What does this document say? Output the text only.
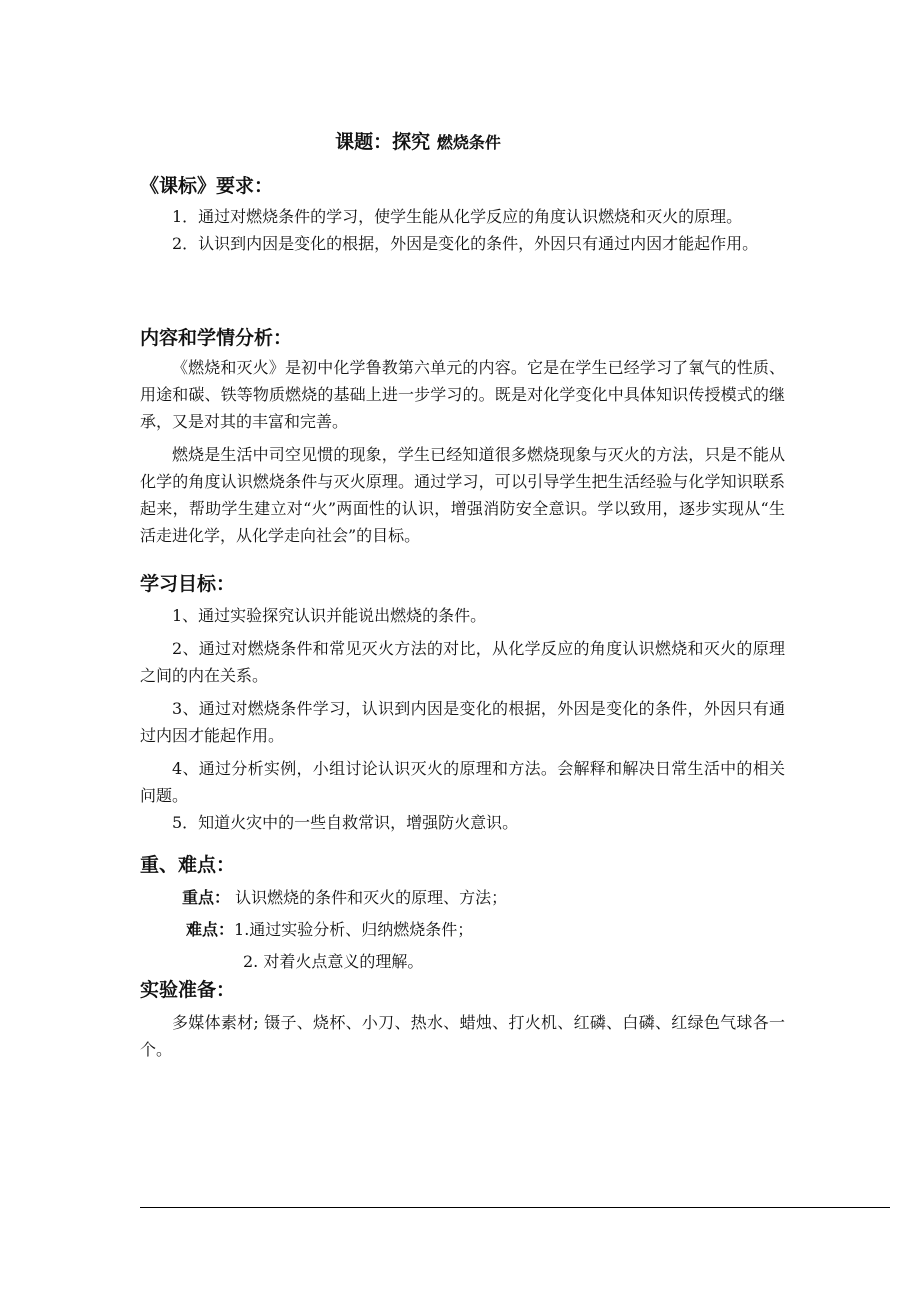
课题：探究 燃烧条件
《课标》要求：

1．通过对燃烧条件的学习，使学生能从化学反应的角度认识燃烧和灭火的原理。

2．认识到内因是变化的根据，外因是变化的条件，外因只有通过内因才能起作用。

内容和学情分析：

《燃烧和灭火》是初中化学鲁教第六单元的内容。它是在学生已经学习了氧气的性质、用途和碳、铁等物质燃烧的基础上进一步学习的。既是对化学变化中具体知识传授模式的继承，又是对其的丰富和完善。

燃烧是生活中司空见惯的现象，学生已经知道很多燃烧现象与灭火的方法，只是不能从化学的角度认识燃烧条件与灭火原理。通过学习，可以引导学生把生活经验与化学知识联系起来，帮助学生建立对“火”两面性的认识，增强消防安全意识。学以致用，逐步实现从“生活走进化学，从化学走向社会”的目标。

学习目标：

1、通过实验探究认识并能说出燃烧的条件。

2、通过对燃烧条件和常见灭火方法的对比，从化学反应的角度认识燃烧和灭火的原理之间的内在关系。

3、通过对燃烧条件学习，认识到内因是变化的根据，外因是变化的条件，外因只有通过内因才能起作用。

4、通过分析实例，小组讨论认识灭火的原理和方法。会解释和解决日常生活中的相关问题。

5．知道火灾中的一些自救常识，增强防火意识。

重、难点：
重点： 认识燃烧的条件和灭火的原理、方法；
难点：1.通过实验分析、归纳燃烧条件；
2. 对着火点意义的理解。
实验准备：

多媒体素材; 镊子、烧杯、小刀、热水、蜡烛、打火机、红磷、白磷、红绿色气球各一个。
